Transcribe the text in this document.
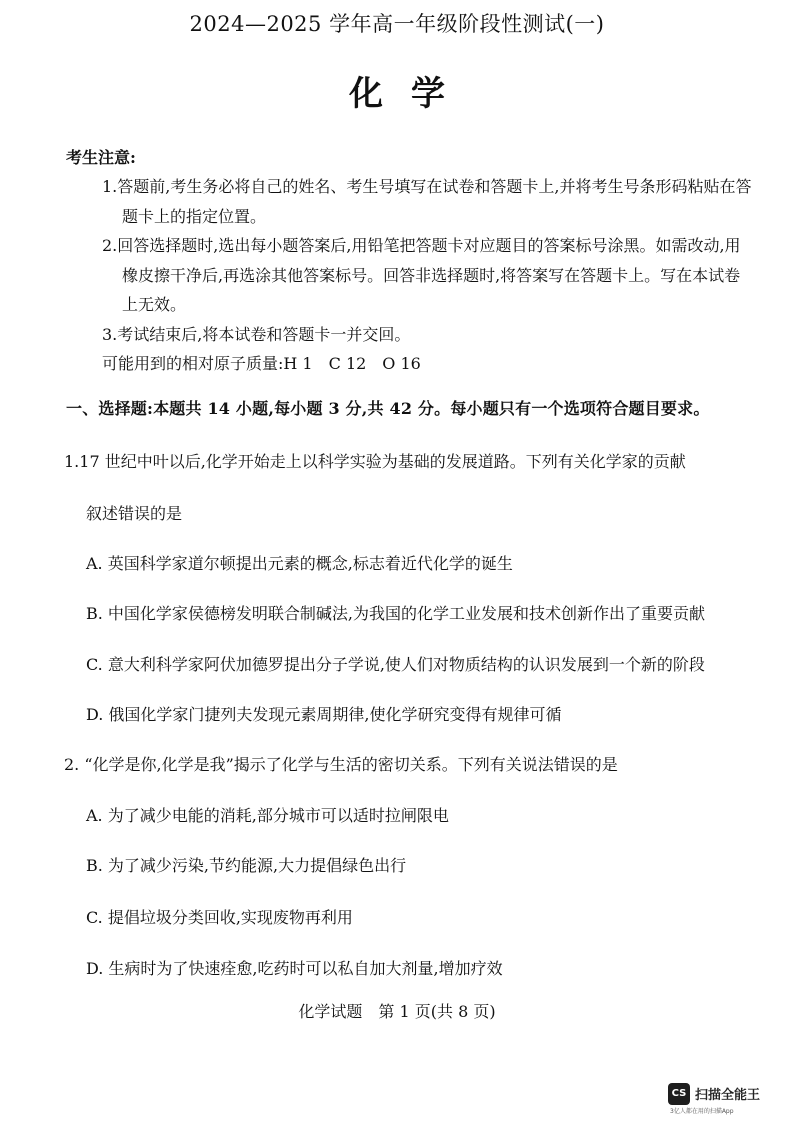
2024—2025 学年高一年级阶段性测试(一)
化学
考生注意:

1.答题前,考生务必将自己的姓名、考生号填写在试卷和答题卡上,并将考生号条形码粘贴在答题卡上的指定位置。

2.回答选择题时,选出每小题答案后,用铅笔把答题卡对应题目的答案标号涂黑。如需改动,用橡皮擦干净后,再选涂其他答案标号。回答非选择题时,将答案写在答题卡上。写在本试卷上无效。

3.考试结束后,将本试卷和答题卡一并交回。

可能用到的相对原子质量:H 1　C 12　O 16

一、选择题:本题共 14 小题,每小题 3 分,共 42 分。每小题只有一个选项符合题目要求。
1.17 世纪中叶以后,化学开始走上以科学实验为基础的发展道路。下列有关化学家的贡献
叙述错误的是
A. 英国科学家道尔顿提出元素的概念,标志着近代化学的诞生
B. 中国化学家侯德榜发明联合制碱法,为我国的化学工业发展和技术创新作出了重要贡献
C. 意大利科学家阿伏加德罗提出分子学说,使人们对物质结构的认识发展到一个新的阶段
D. 俄国化学家门捷列夫发现元素周期律,使化学研究变得有规律可循
2. “化学是你,化学是我”揭示了化学与生活的密切关系。下列有关说法错误的是
A. 为了减少电能的消耗,部分城市可以适时拉闸限电
B. 为了减少污染,节约能源,大力提倡绿色出行
C. 提倡垃圾分类回收,实现废物再利用
D. 生病时为了快速痊愈,吃药时可以私自加大剂量,增加疗效
化学试题　第 1 页(共 8 页)
CS 扫描全能王
3亿人都在用的扫描App
